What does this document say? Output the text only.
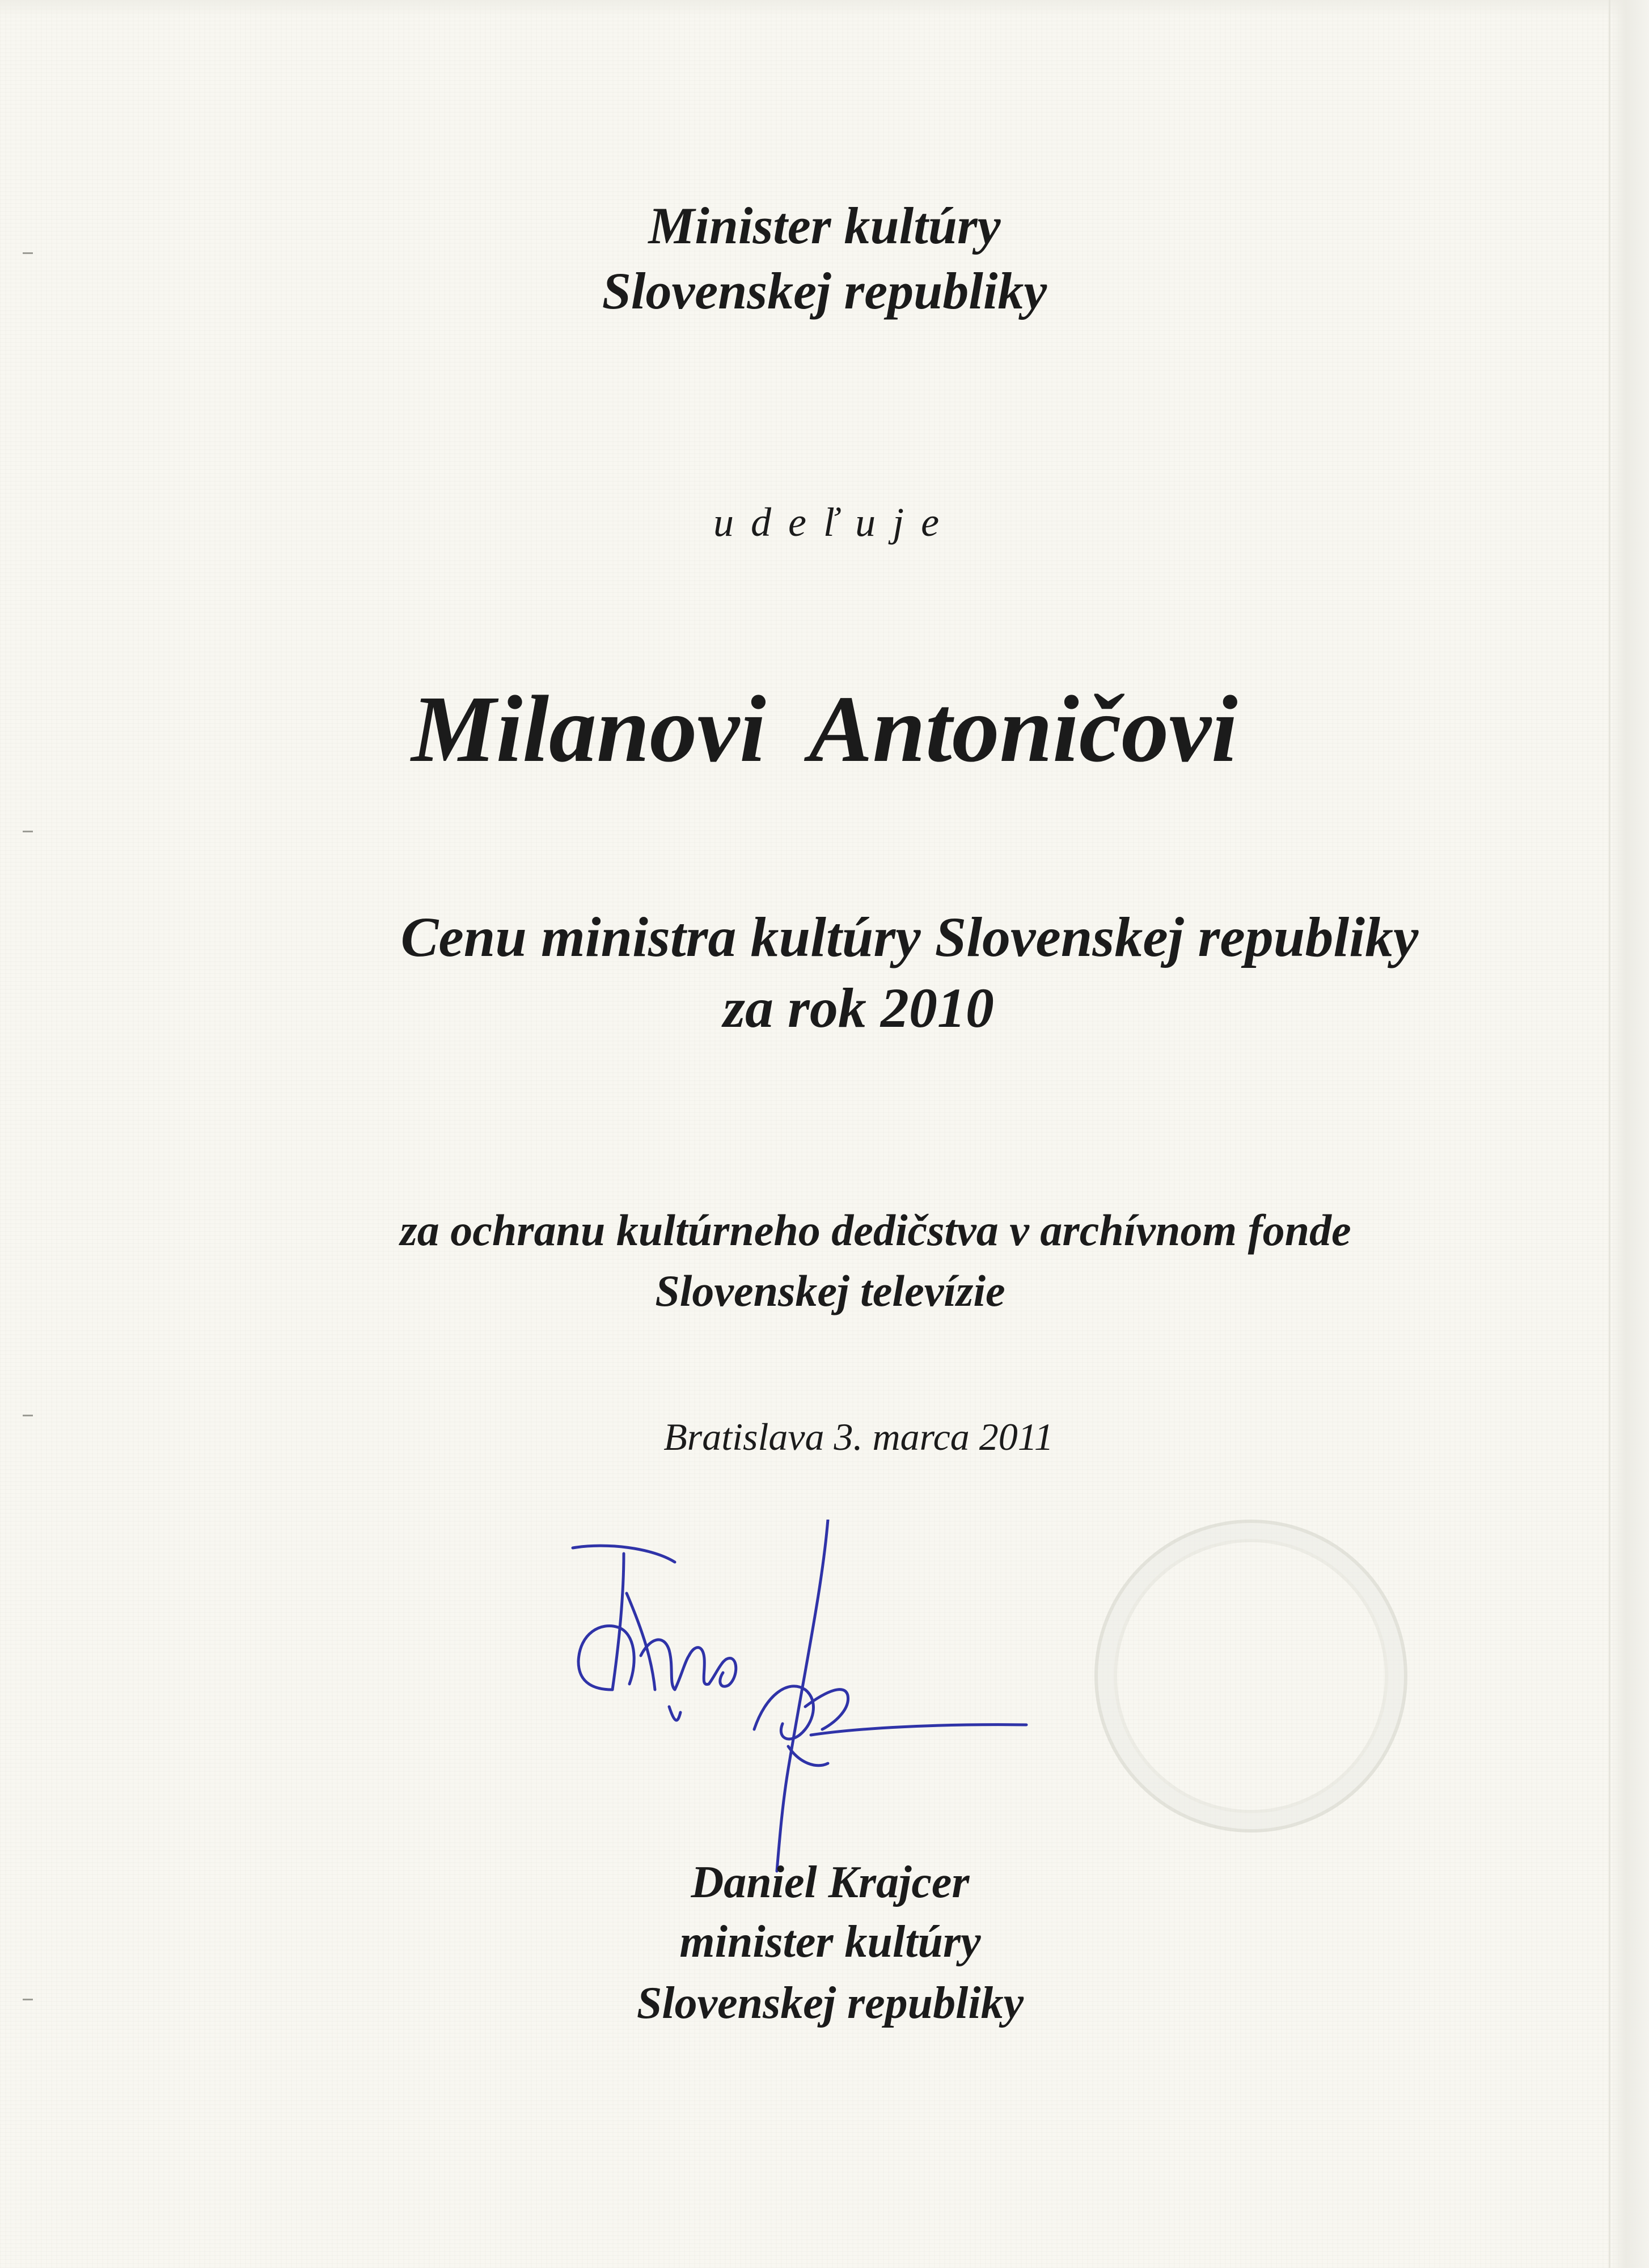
Minister kultúry
Slovenskej republiky
udeľuje
Milanovi Antoničovi
Cenu ministra kultúry Slovenskej republiky
za rok 2010
za ochranu kultúrneho dedičstva v archívnom fonde
Slovenskej televízie
Bratislava 3. marca 2011
Daniel Krajcer
minister kultúry
Slovenskej republiky
